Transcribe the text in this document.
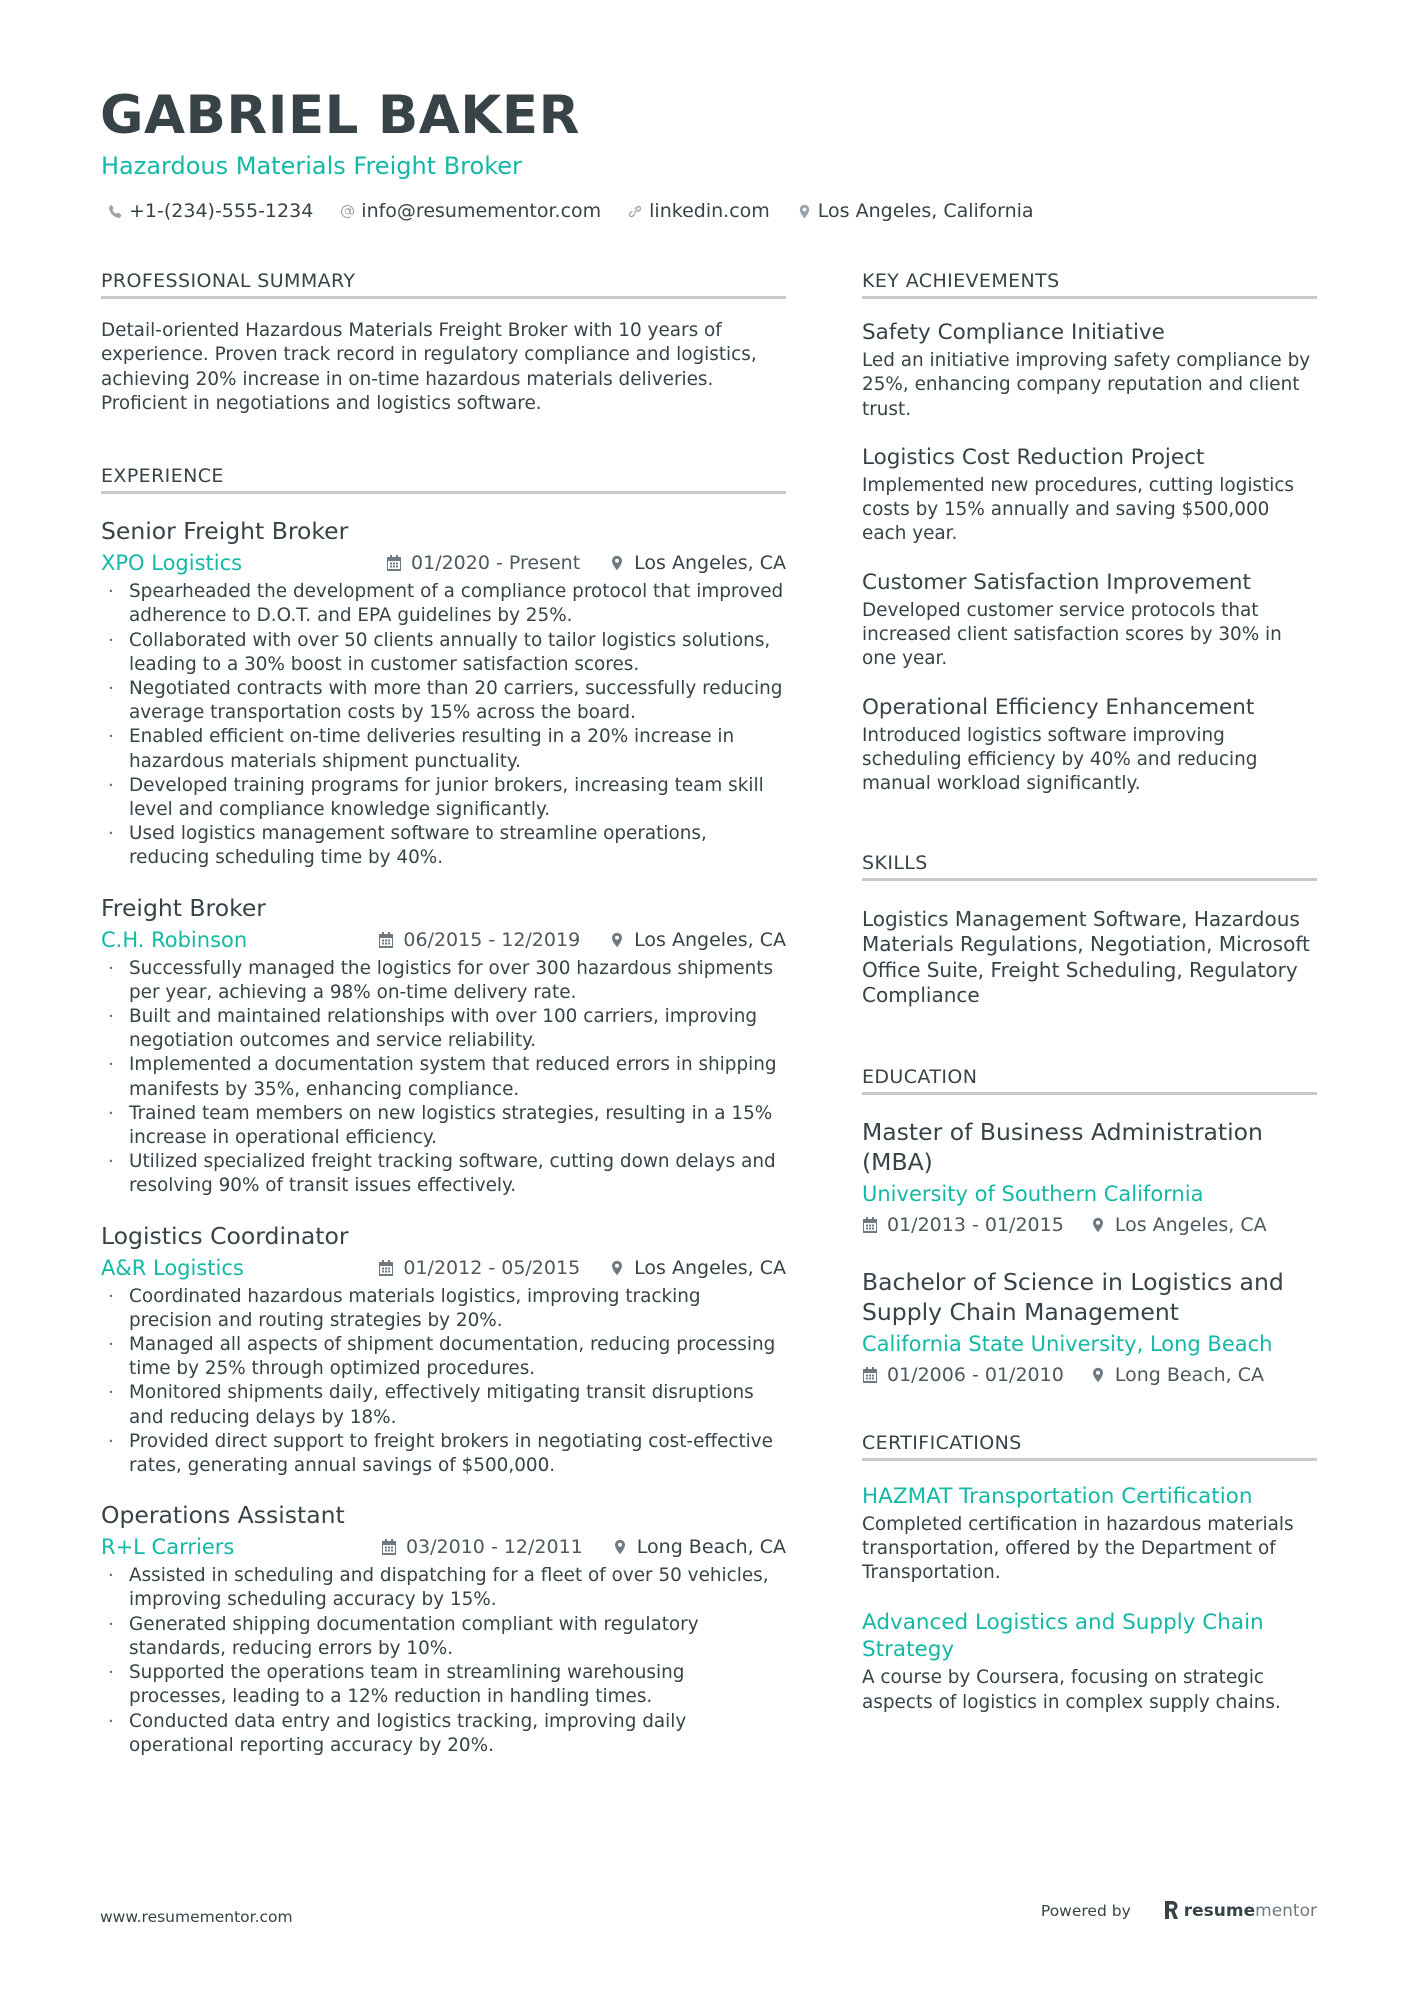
GABRIEL BAKER
Hazardous Materials Freight Broker
+1-(234)-555-1234	info@resumementor.com	linkedin.com	Los Angeles, California
PROFESSIONAL SUMMARY
Detail-oriented Hazardous Materials Freight Broker with 10 years of experience. Proven track record in regulatory compliance and logistics, achieving 20% increase in on-time hazardous materials deliveries. Proficient in negotiations and logistics software.
EXPERIENCE
Senior Freight Broker
XPO Logistics	01/2020 - Present	Los Angeles, CA
· Spearheaded the development of a compliance protocol that improved adherence to D.O.T. and EPA guidelines by 25%.
· Collaborated with over 50 clients annually to tailor logistics solutions, leading to a 30% boost in customer satisfaction scores.
· Negotiated contracts with more than 20 carriers, successfully reducing average transportation costs by 15% across the board.
· Enabled efficient on-time deliveries resulting in a 20% increase in hazardous materials shipment punctuality.
· Developed training programs for junior brokers, increasing team skill level and compliance knowledge significantly.
· Used logistics management software to streamline operations, reducing scheduling time by 40%.
Freight Broker
C.H. Robinson	06/2015 - 12/2019	Los Angeles, CA
· Successfully managed the logistics for over 300 hazardous shipments per year, achieving a 98% on-time delivery rate.
· Built and maintained relationships with over 100 carriers, improving negotiation outcomes and service reliability.
· Implemented a documentation system that reduced errors in shipping manifests by 35%, enhancing compliance.
· Trained team members on new logistics strategies, resulting in a 15% increase in operational efficiency.
· Utilized specialized freight tracking software, cutting down delays and resolving 90% of transit issues effectively.
Logistics Coordinator
A&R Logistics	01/2012 - 05/2015	Los Angeles, CA
· Coordinated hazardous materials logistics, improving tracking precision and routing strategies by 20%.
· Managed all aspects of shipment documentation, reducing processing time by 25% through optimized procedures.
· Monitored shipments daily, effectively mitigating transit disruptions and reducing delays by 18%.
· Provided direct support to freight brokers in negotiating cost-effective rates, generating annual savings of $500,000.
Operations Assistant
R+L Carriers	03/2010 - 12/2011	Long Beach, CA
· Assisted in scheduling and dispatching for a fleet of over 50 vehicles, improving scheduling accuracy by 15%.
· Generated shipping documentation compliant with regulatory standards, reducing errors by 10%.
· Supported the operations team in streamlining warehousing processes, leading to a 12% reduction in handling times.
· Conducted data entry and logistics tracking, improving daily operational reporting accuracy by 20%.
KEY ACHIEVEMENTS
Safety Compliance Initiative
Led an initiative improving safety compliance by 25%, enhancing company reputation and client trust.
Logistics Cost Reduction Project
Implemented new procedures, cutting logistics costs by 15% annually and saving $500,000 each year.
Customer Satisfaction Improvement
Developed customer service protocols that increased client satisfaction scores by 30% in one year.
Operational Efficiency Enhancement
Introduced logistics software improving scheduling efficiency by 40% and reducing manual workload significantly.
SKILLS
Logistics Management Software, Hazardous Materials Regulations, Negotiation, Microsoft Office Suite, Freight Scheduling, Regulatory Compliance
EDUCATION
Master of Business Administration (MBA)
University of Southern California
01/2013 - 01/2015	Los Angeles, CA
Bachelor of Science in Logistics and Supply Chain Management
California State University, Long Beach
01/2006 - 01/2010	Long Beach, CA
CERTIFICATIONS
HAZMAT Transportation Certification
Completed certification in hazardous materials transportation, offered by the Department of Transportation.
Advanced Logistics and Supply Chain Strategy
A course by Coursera, focusing on strategic aspects of logistics in complex supply chains.
www.resumementor.com	Powered by	resume mentor
